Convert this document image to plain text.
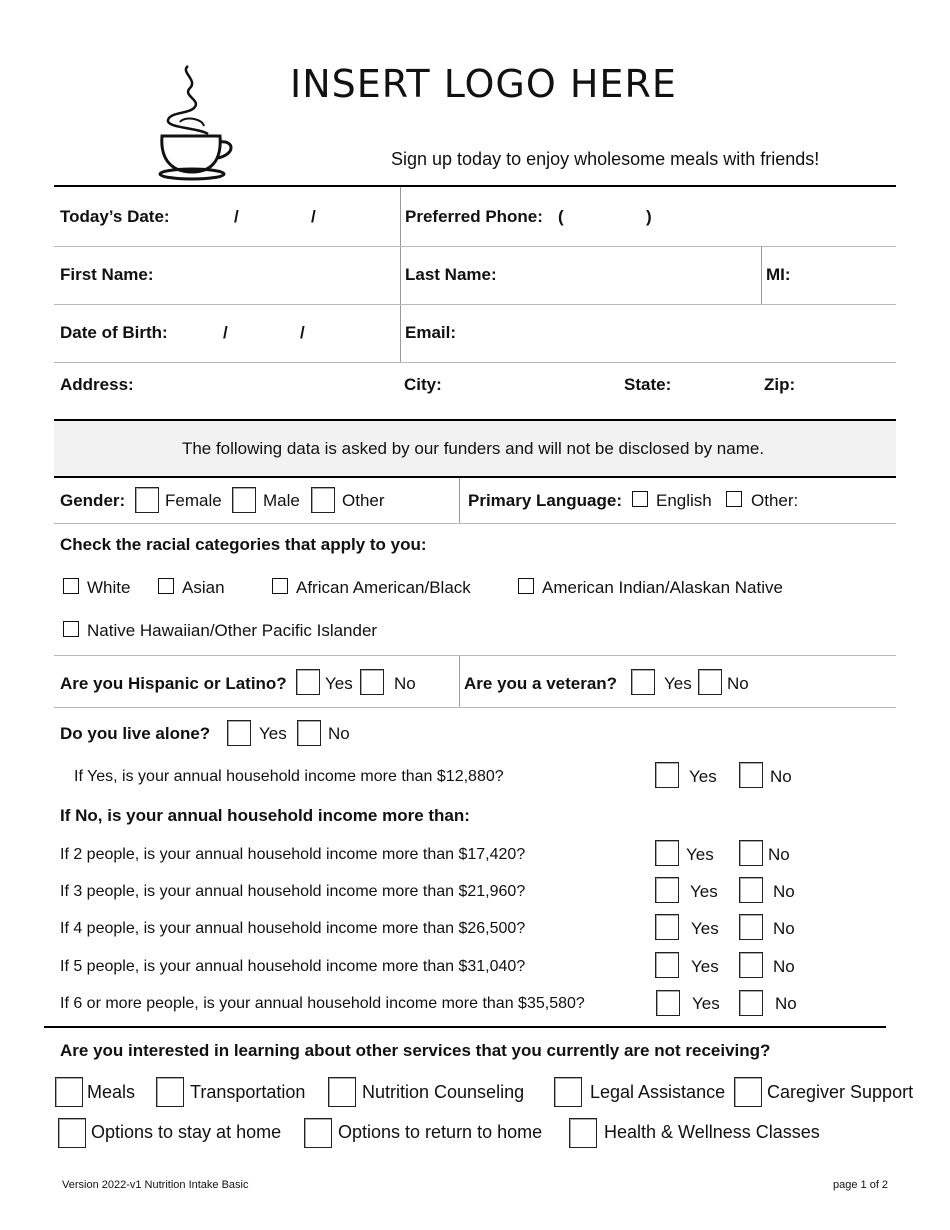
INSERT LOGO HERE
Sign up today to enjoy wholesome meals with friends!
Today’s Date:	/	/	Preferred Phone: (	)
First Name:	Last Name:	MI:
Date of Birth:	/	/	Email:
Address:	City:	State:	Zip:
The following data is asked by our funders and will not be disclosed by name.
Gender: Female Male Other	Primary Language: English Other:
Check the racial categories that apply to you:
White	Asian	African American/Black	American Indian/Alaskan Native
Native Hawaiian/Other Pacific Islander
Are you Hispanic or Latino? Yes No	Are you a veteran?	Yes No
Do you live alone?	Yes No
If Yes, is your annual household income more than $12,880?	Yes	No
If No, is your annual household income more than:
If 2 people, is your annual household income more than $17,420?	Yes	No
If 3 people, is your annual household income more than $21,960?	Yes	No
If 4 people, is your annual household income more than $26,500?	Yes	No
If 5 people, is your annual household income more than $31,040?	Yes	No
If 6 or more people, is your annual household income more than $35,580?	Yes	No
Are you interested in learning about other services that you currently are not receiving?
Meals	Transportation	Nutrition Counseling	Legal Assistance Caregiver Support
Options to stay at home	Options to return to home	Health & Wellness Classes
Version 2022-v1 Nutrition Intake Basic	page 1 of 2
